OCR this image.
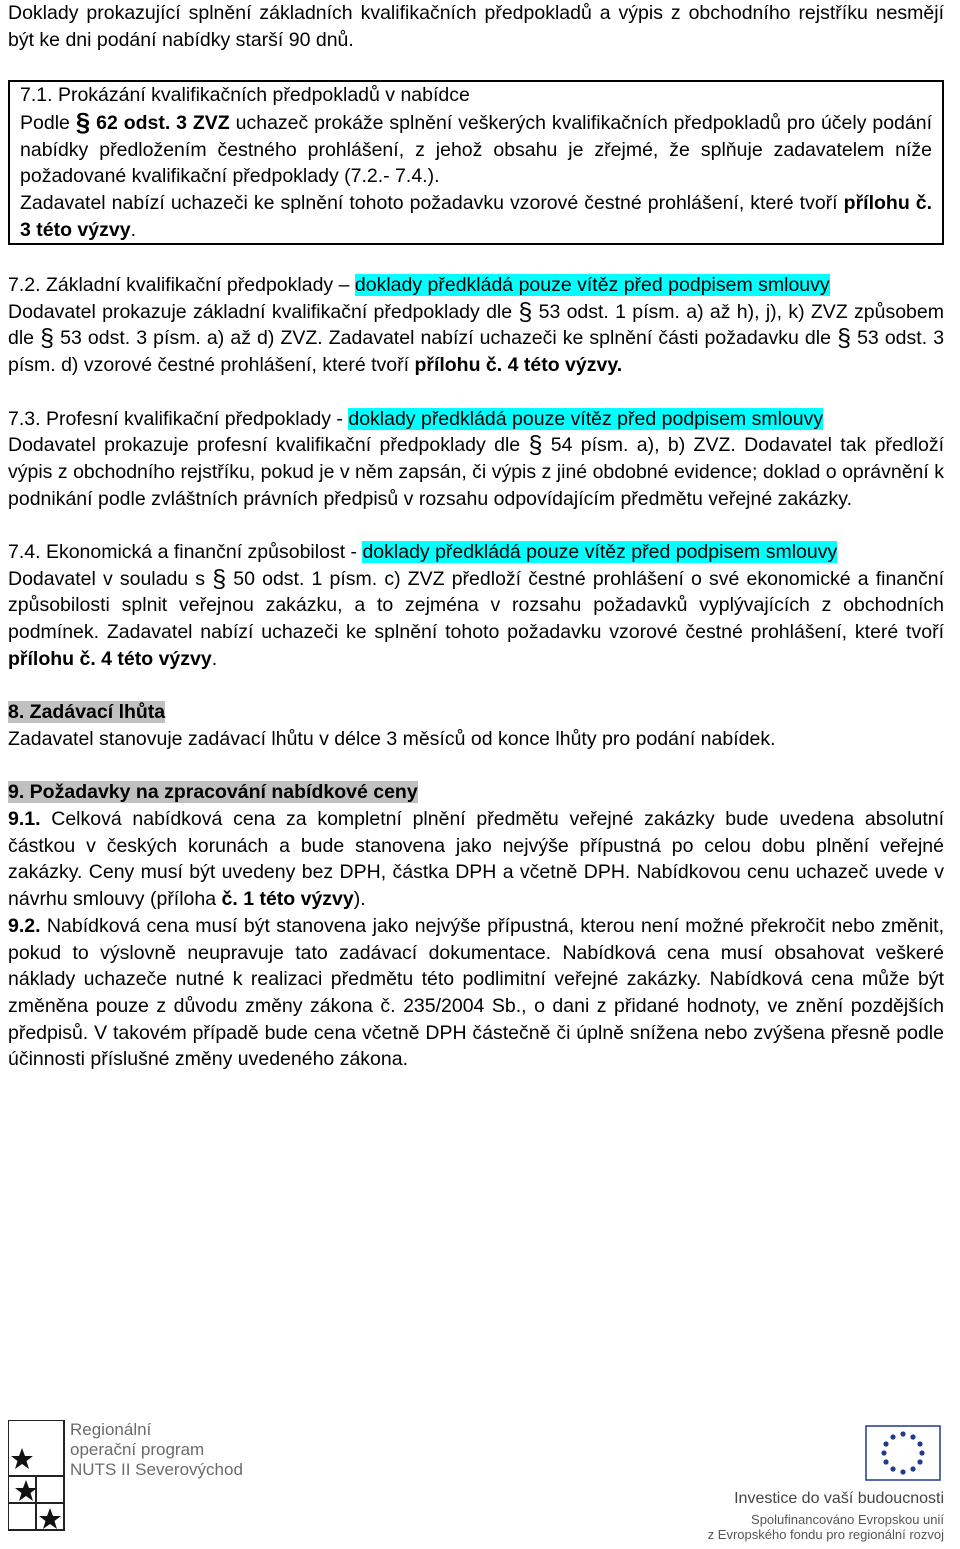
Doklady prokazující splnění základních kvalifikačních předpokladů a výpis z obchodního rejstříku nesmějí být ke dni podání nabídky starší 90 dnů.

7.1. Prokázání kvalifikačních předpokladů v nabídce

Podle § 62 odst. 3 ZVZ uchazeč prokáže splnění veškerých kvalifikačních předpokladů pro účely podání nabídky předložením čestného prohlášení, z jehož obsahu je zřejmé, že splňuje zadavatelem níže požadované kvalifikační předpoklady (7.2.- 7.4.).

Zadavatel nabízí uchazeči ke splnění tohoto požadavku vzorové čestné prohlášení, které tvoří přílohu č. 3 této výzvy.

7.2. Základní kvalifikační předpoklady – doklady předkládá pouze vítěz před podpisem smlouvy

Dodavatel prokazuje základní kvalifikační předpoklady dle § 53 odst. 1 písm. a) až h), j), k) ZVZ způsobem dle § 53 odst. 3 písm. a) až d) ZVZ. Zadavatel nabízí uchazeči ke splnění části požadavku dle § 53 odst. 3 písm. d) vzorové čestné prohlášení, které tvoří přílohu č. 4 této výzvy.

7.3. Profesní kvalifikační předpoklady - doklady předkládá pouze vítěz před podpisem smlouvy

Dodavatel prokazuje profesní kvalifikační předpoklady dle § 54 písm. a), b) ZVZ. Dodavatel tak předloží výpis z obchodního rejstříku, pokud je v něm zapsán, či výpis z jiné obdobné evidence; doklad o oprávnění k podnikání podle zvláštních právních předpisů v rozsahu odpovídajícím předmětu veřejné zakázky.

7.4. Ekonomická a finanční způsobilost - doklady předkládá pouze vítěz před podpisem smlouvy

Dodavatel v souladu s § 50 odst. 1 písm. c) ZVZ předloží čestné prohlášení o své ekonomické a finanční způsobilosti splnit veřejnou zakázku, a to zejména v rozsahu požadavků vyplývajících z obchodních podmínek. Zadavatel nabízí uchazeči ke splnění tohoto požadavku vzorové čestné prohlášení, které tvoří přílohu č. 4 této výzvy.

8. Zadávací lhůta

Zadavatel stanovuje zadávací lhůtu v délce 3 měsíců od konce lhůty pro podání nabídek.

9. Požadavky na zpracování nabídkové ceny

9.1. Celková nabídková cena za kompletní plnění předmětu veřejné zakázky bude uvedena absolutní částkou v českých korunách a bude stanovena jako nejvýše přípustná po celou dobu plnění veřejné zakázky. Ceny musí být uvedeny bez DPH, částka DPH a včetně DPH. Nabídkovou cenu uchazeč uvede v návrhu smlouvy (příloha č. 1 této výzvy).

9.2. Nabídková cena musí být stanovena jako nejvýše přípustná, kterou není možné překročit nebo změnit, pokud to výslovně neupravuje tato zadávací dokumentace. Nabídková cena musí obsahovat veškeré náklady uchazeče nutné k realizaci předmětu této podlimitní veřejné zakázky. Nabídková cena může být změněna pouze z důvodu změny zákona č. 235/2004 Sb., o dani z přidané hodnoty, ve znění pozdějších předpisů. V takovém případě bude cena včetně DPH částečně či úplně snížena nebo zvýšena přesně podle účinnosti příslušné změny uvedeného zákona.

Regionální
operační program
NUTS II Severovýchod
Investice do vaší budoucnosti
Spolufinancováno Evropskou unií
z Evropského fondu pro regionální rozvoj
